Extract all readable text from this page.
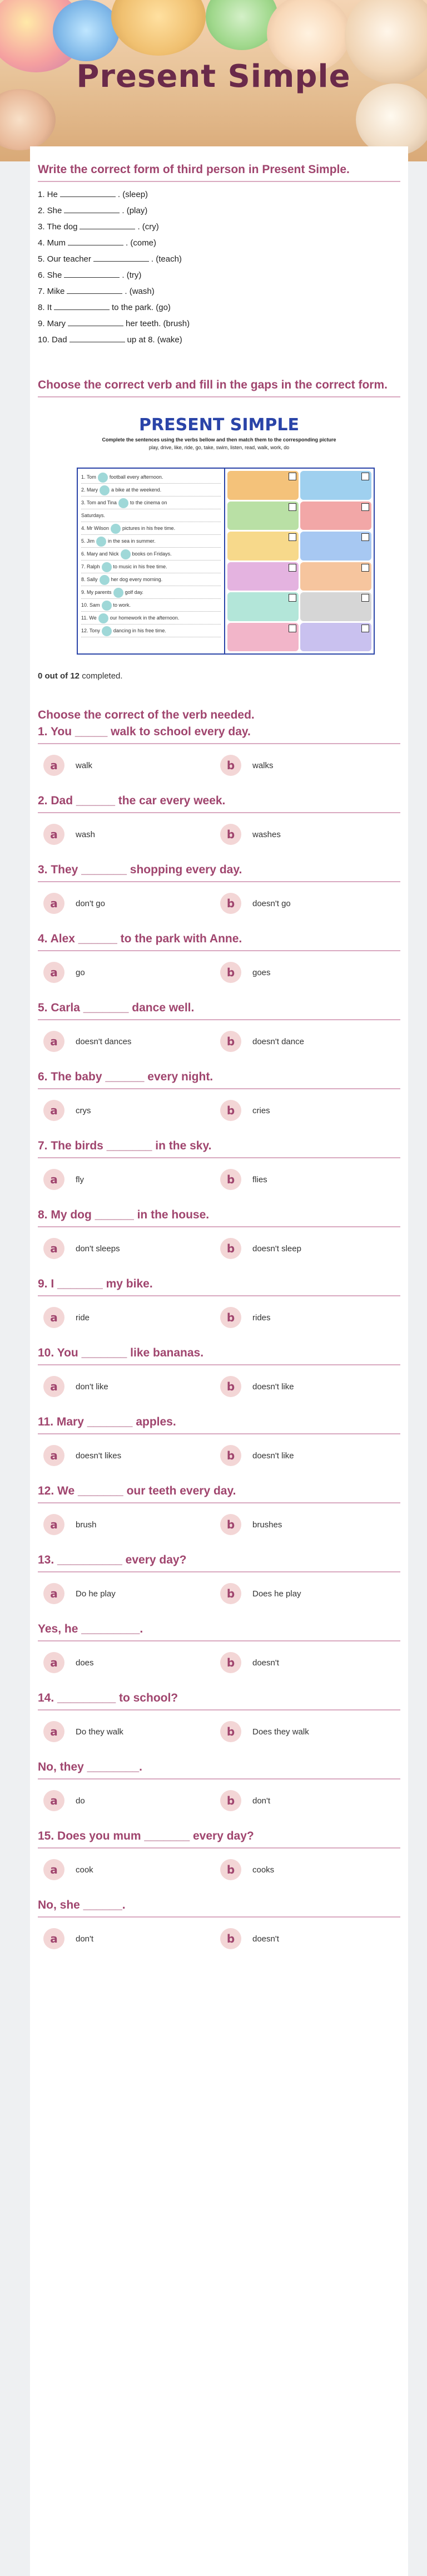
Present Simple
Write the correct form of third person in Present Simple.
1. He	. (sleep)
2. She	. (play)
3. The dog	. (cry)
4. Mum	. (come)
5. Our teacher	. (teach)
6. She	. (try)
7. Mike	. (wash)
8. It	to the park. (go)
9. Mary	her teeth. (brush)
10. Dad	up at 8. (wake)
Choose the correct verb and fill in the gaps in the correct form.
PRESENT SIMPLE

Complete the sentences using the verbs bellow and then match them to the corresponding picture

play, drive, like, ride, go, take, swim, listen, read, walk, work, do

1. Tom	football every afternoon.
2. Mary	a bike at the weekend.
3. Tom and Tina	to the cinema on
Saturdays.
4. Mr Wilson	pictures in his free time.
5. Jim	in the sea in summer.
6. Mary and Nick	books on Fridays.
7. Ralph	to music in his free time.
8. Sally	her dog every morning.
9. My parents	golf day.
10. Sam	to work.
11. We	our homework in the afternoon.
12. Tony	dancing in his free time.
0 out of 12 completed.
Choose the correct of the verb needed.
1. You _____ walk to school every day.
a	walk	b	walks
2. Dad ______ the car every week.
a	wash	b	washes
3. They _______ shopping every day.
a	don't go	b	doesn't go
4. Alex ______ to the park with Anne.
a	go	b	goes
5. Carla _______ dance well.
a	doesn't dances	b	doesn't dance
6. The baby ______ every night.
a	crys	b	cries
7. The birds _______ in the sky.
a	fly	b	flies
8. My dog ______ in the house.
a	don't sleeps	b	doesn't sleep
9. I _______ my bike.
a	ride	b	rides
10. You _______ like bananas.
a	don't like	b	doesn't like
11. Mary _______ apples.
a	doesn't likes	b	doesn't like
12. We _______ our teeth every day.
a	brush	b	brushes
13. __________ every day?
a	Do he play	b	Does he play
Yes, he _________.
a	does	b	doesn't
14. _________ to school?
a	Do they walk	b	Does they walk
No, they ________.
a	do	b	don't
15. Does you mum _______ every day?
a	cook	b	cooks
No, she ______.
a	don't	b	doesn't
